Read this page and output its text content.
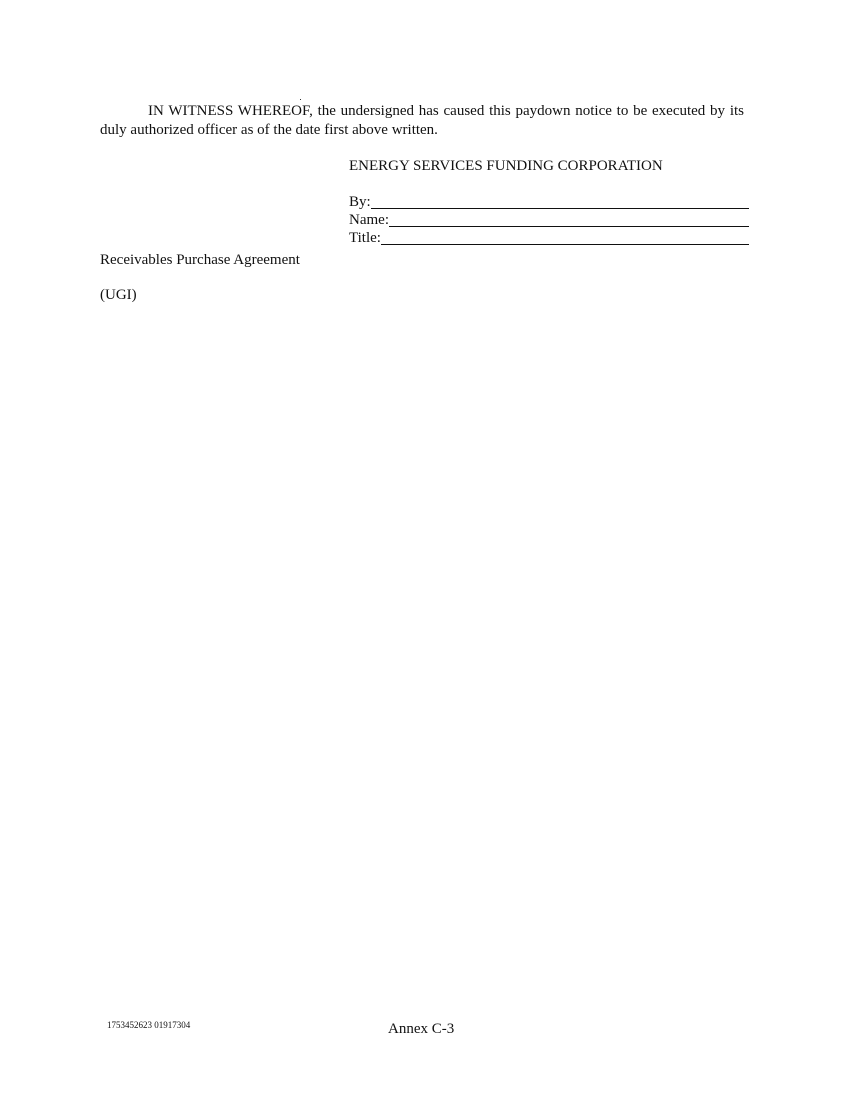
IN WITNESS WHEREOF, the undersigned has caused this paydown notice to be executed by its duly authorized officer as of the date first above written.

ENERGY SERVICES FUNDING CORPORATION

By:
Name:
Title:

Receivables Purchase Agreement

(UGI)

1753452623 01917304	Annex C-3
